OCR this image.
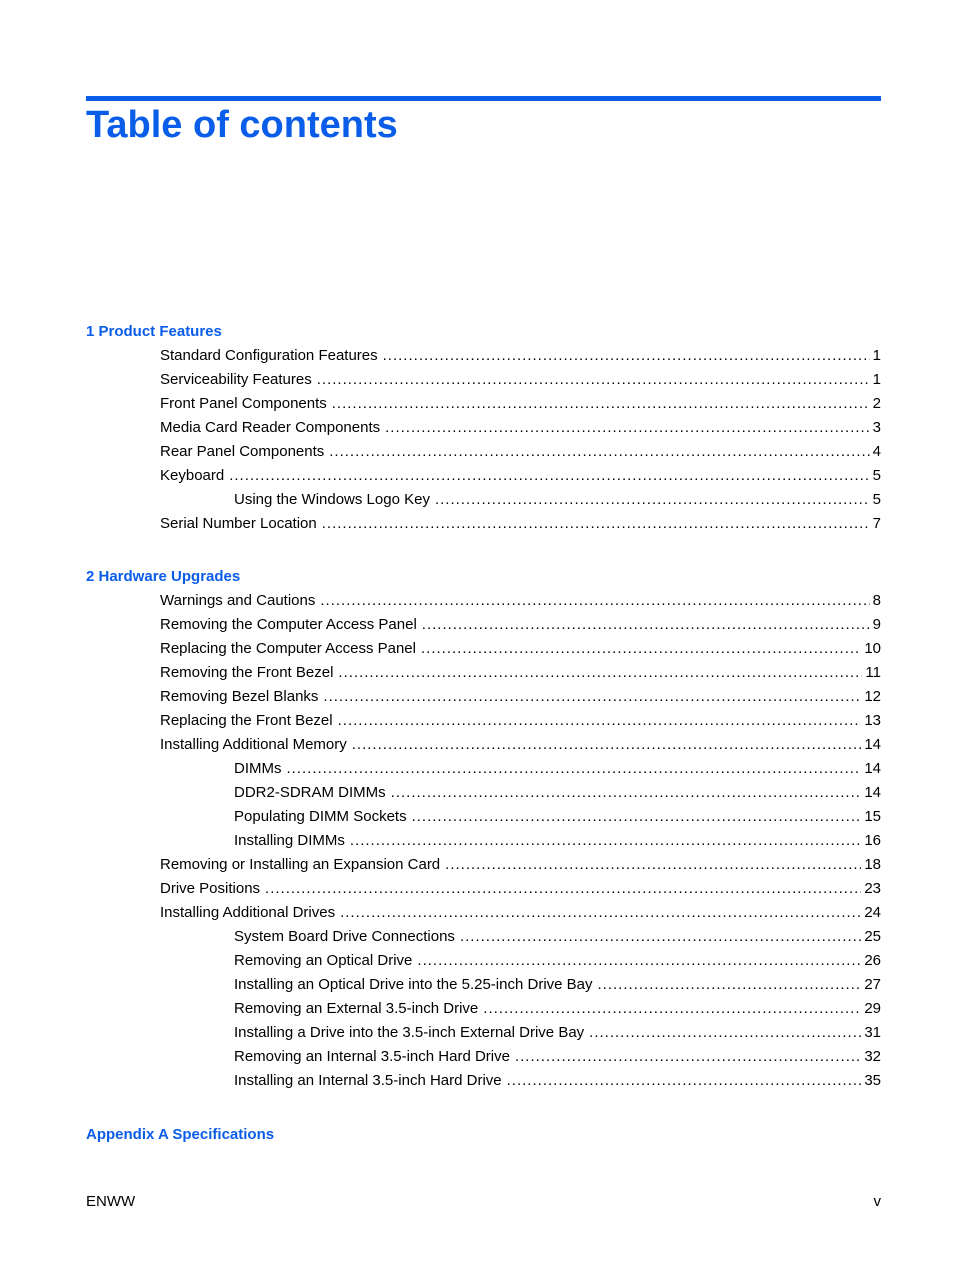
Table of contents
1 Product Features
Standard Configuration Features .....	1
Serviceability Features .....	1
Front Panel Components .....	2
Media Card Reader Components .....	3
Rear Panel Components .....	4
Keyboard .....	5
Using the Windows Logo Key .....	5
Serial Number Location .....	7
2 Hardware Upgrades
Warnings and Cautions .....	8
Removing the Computer Access Panel .....	9
Replacing the Computer Access Panel .....	10
Removing the Front Bezel .....	11
Removing Bezel Blanks .....	12
Replacing the Front Bezel .....	13
Installing Additional Memory .....	14
DIMMs .....	14
DDR2-SDRAM DIMMs .....	14
Populating DIMM Sockets .....	15
Installing DIMMs .....	16
Removing or Installing an Expansion Card .....	18
Drive Positions .....	23
Installing Additional Drives .....	24
System Board Drive Connections .....	25
Removing an Optical Drive .....	26
Installing an Optical Drive into the 5.25-inch Drive Bay .....	27
Removing an External 3.5-inch Drive .....	29
Installing a Drive into the 3.5-inch External Drive Bay .....	31
Removing an Internal 3.5-inch Hard Drive .....	32
Installing an Internal 3.5-inch Hard Drive .....	35
Appendix A Specifications
ENWW	v
